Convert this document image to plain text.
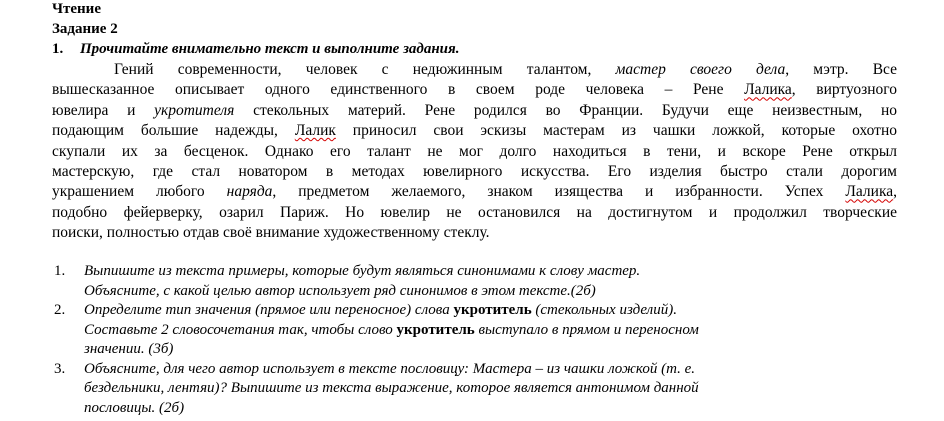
Чтение
Задание 2
1. Прочитайте внимательно текст и выполните задания.
Гений современности, человек с недюжинным талантом, мастер своего дела, мэтр. Все
вышесказанное описывает одного единственного в своем роде человека – Рене Лалика, виртуозного
ювелира и укротителя стекольных материй. Рене родился во Франции. Будучи еще неизвестным, но
подающим большие надежды, Лалик приносил свои эскизы мастерам из чашки ложкой, которые охотно
скупали их за бесценок. Однако его талант не мог долго находиться в тени, и вскоре Рене открыл
мастерскую, где стал новатором в методах ювелирного искусства. Его изделия быстро стали дорогим
украшением любого наряда, предметом желаемого, знаком изящества и избранности. Успех Лалика,
подобно фейерверку, озарил Париж. Но ювелир не остановился на достигнутом и продолжил творческие
поиски, полностью отдав своё внимание художественному стеклу.
1. Выпишите из текста примеры, которые будут являться синонимами к слову мастер.
Объясните, с какой целью автор использует ряд синонимов в этом тексте.(2б)
2. Определите тип значения (прямое или переносное) слова укротитель (стекольных изделий).
Составьте 2 словосочетания так, чтобы слово укротитель выступало в прямом и переносном
значении. (3б)
3. Объясните, для чего автор использует в тексте пословицу: Мастера – из чашки ложкой (т. е.
бездельники, лентяи)? Выпишите из текста выражение, которое является антонимом данной
пословицы. (2б)
